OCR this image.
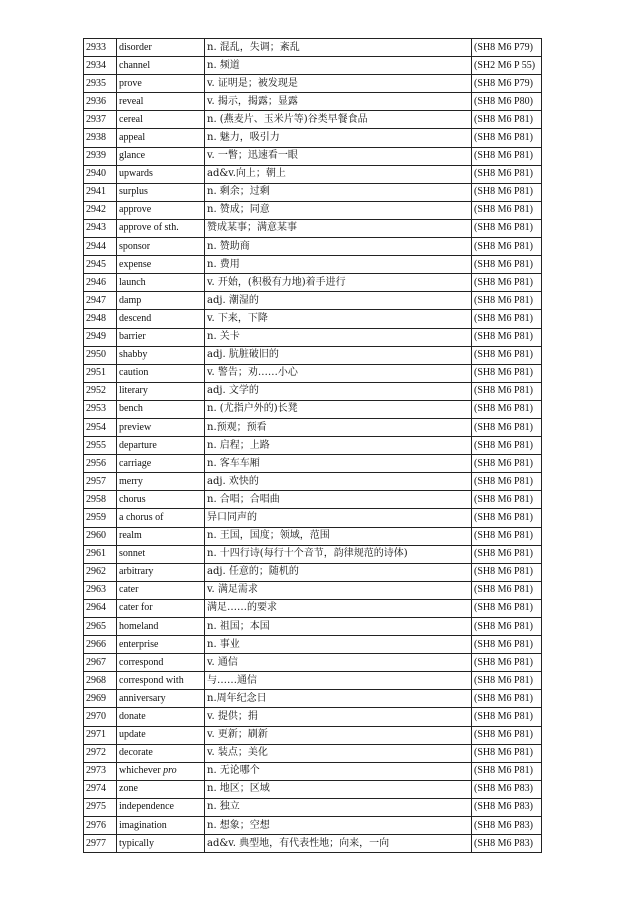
2933	disorder	n. 混乱，失调；紊乱	(SH8 M6 P79)
2934	channel	n. 频道	(SH2 M6 P 55)
2935	prove	v. 证明是；被发现是	(SH8 M6 P79)
2936	reveal	v. 揭示，揭露；显露	(SH8 M6 P80)
2937	cereal	n. (燕麦片、玉米片等)谷类早餐食品	(SH8 M6 P81)
2938	appeal	n. 魅力，吸引力	(SH8 M6 P81)
2939	glance	v. 一瞥；迅速看一眼	(SH8 M6 P81)
2940	upwards	ad&v.向上；朝上	(SH8 M6 P81)
2941	surplus	n. 剩余；过剩	(SH8 M6 P81)
2942	approve	n. 赞成；同意	(SH8 M6 P81)
2943	approve of sth.	赞成某事；满意某事	(SH8 M6 P81)
2944	sponsor	n. 赞助商	(SH8 M6 P81)
2945	expense	n. 费用	(SH8 M6 P81)
2946	launch	v. 开始，(积极有力地)着手进行	(SH8 M6 P81)
2947	damp	adj. 潮湿的	(SH8 M6 P81)
2948	descend	v. 下来，下降	(SH8 M6 P81)
2949	barrier	n. 关卡	(SH8 M6 P81)
2950	shabby	adj. 肮脏破旧的	(SH8 M6 P81)
2951	caution	v. 警告；劝……小心	(SH8 M6 P81)
2952	literary	adj. 文学的	(SH8 M6 P81)
2953	bench	n. (尤指户外的)长凳	(SH8 M6 P81)
2954	preview	n.预观；预看	(SH8 M6 P81)
2955	departure	n. 启程；上路	(SH8 M6 P81)
2956	carriage	n. 客车车厢	(SH8 M6 P81)
2957	merry	adj. 欢快的	(SH8 M6 P81)
2958	chorus	n. 合唱；合唱曲	(SH8 M6 P81)
2959	a chorus of	异口同声的	(SH8 M6 P81)
2960	realm	n. 王国，国度；领域，范围	(SH8 M6 P81)
2961	sonnet	n. 十四行诗(每行十个音节，韵律规范的诗体)	(SH8 M6 P81)
2962	arbitrary	adj. 任意的；随机的	(SH8 M6 P81)
2963	cater	v. 满足需求	(SH8 M6 P81)
2964	cater for	满足……的要求	(SH8 M6 P81)
2965	homeland	n. 祖国；本国	(SH8 M6 P81)
2966	enterprise	n. 事业	(SH8 M6 P81)
2967	correspond	v. 通信	(SH8 M6 P81)
2968	correspond with	与……通信	(SH8 M6 P81)
2969	anniversary	n.周年纪念日	(SH8 M6 P81)
2970	donate	v. 提供；捐	(SH8 M6 P81)
2971	update	v. 更新；刷新	(SH8 M6 P81)
2972	decorate	v. 装点；美化	(SH8 M6 P81)
2973	whichever pro	n. 无论哪个	(SH8 M6 P81)
2974	zone	n. 地区；区域	(SH8 M6 P83)
2975	independence	n. 独立	(SH8 M6 P83)
2976	imagination	n. 想象；空想	(SH8 M6 P83)
2977	typically	ad&v. 典型地，有代表性地；向来，一向	(SH8 M6 P83)
